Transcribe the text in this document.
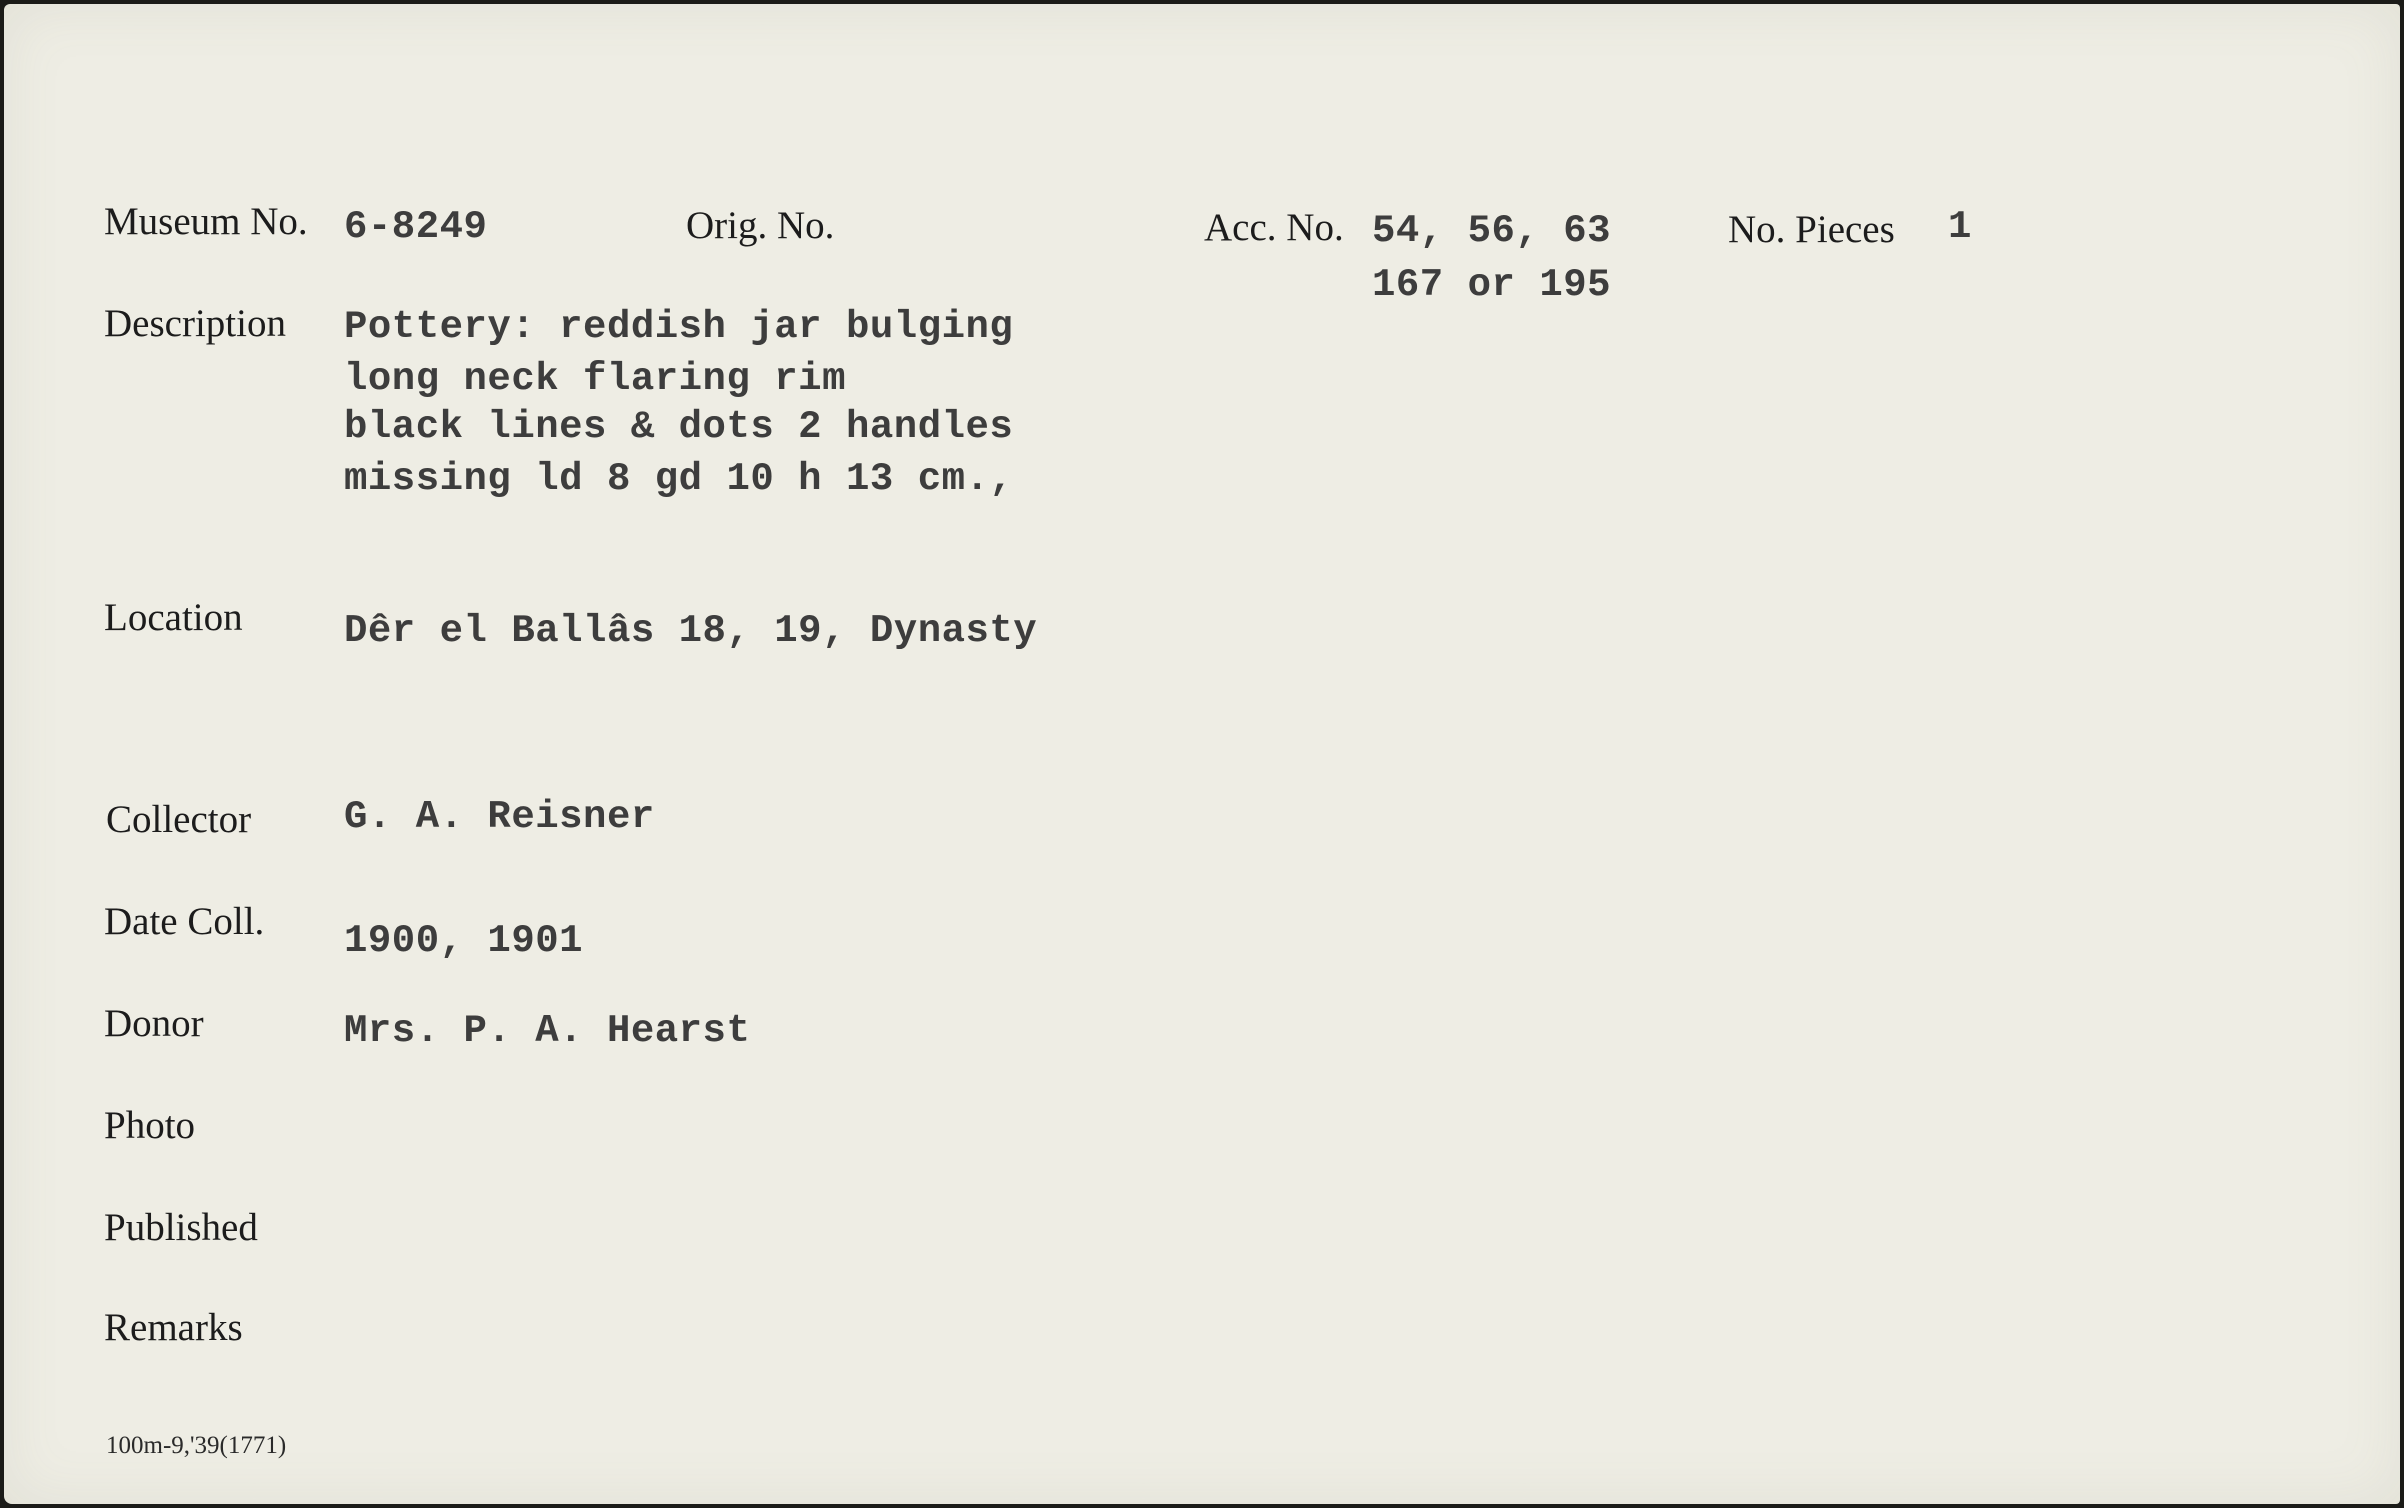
Museum No. 6-8249	Orig. No.	Acc. No. 54, 56, 63
167 or 195
No. Pieces 1
Description Pottery: reddish jar bulging
long neck flaring rim
black lines & dots 2 handles
missing ld 8 gd 10 h 13 cm.,
Location	Dêr el Ballâs 18, 19, Dynasty
Collector G. A. Reisner
Date Coll. 1900, 1901
Donor	Mrs. P. A. Hearst
Photo
Published
Remarks
100m-9,'39(1771)
